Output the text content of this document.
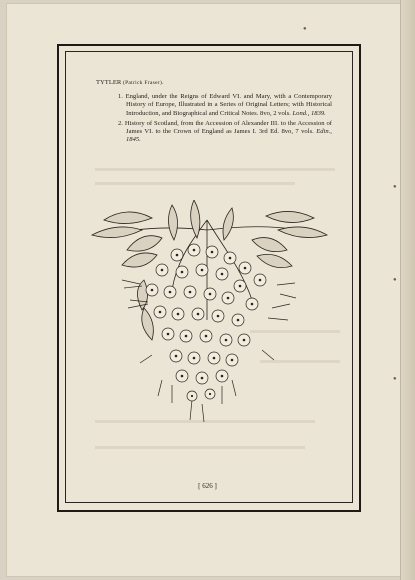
●
●
●
●
TYTLER (Patrick Fraser).
1. England, under the Reigns of Edward VI. and Mary, with a Contemporary History of Europe, Illustrated in a Series of Original Letters; with Historical Introduction, and Biographical and Critical Notes. 8vo, 2 vols. Lond., 1839.
2. History of Scotland, from the Accession of Alexander III. to the Accession of James VI. to the Crown of England as James I. 3rd Ed. 8vo, 7 vols. Edin., 1845.
[ 626 ]
